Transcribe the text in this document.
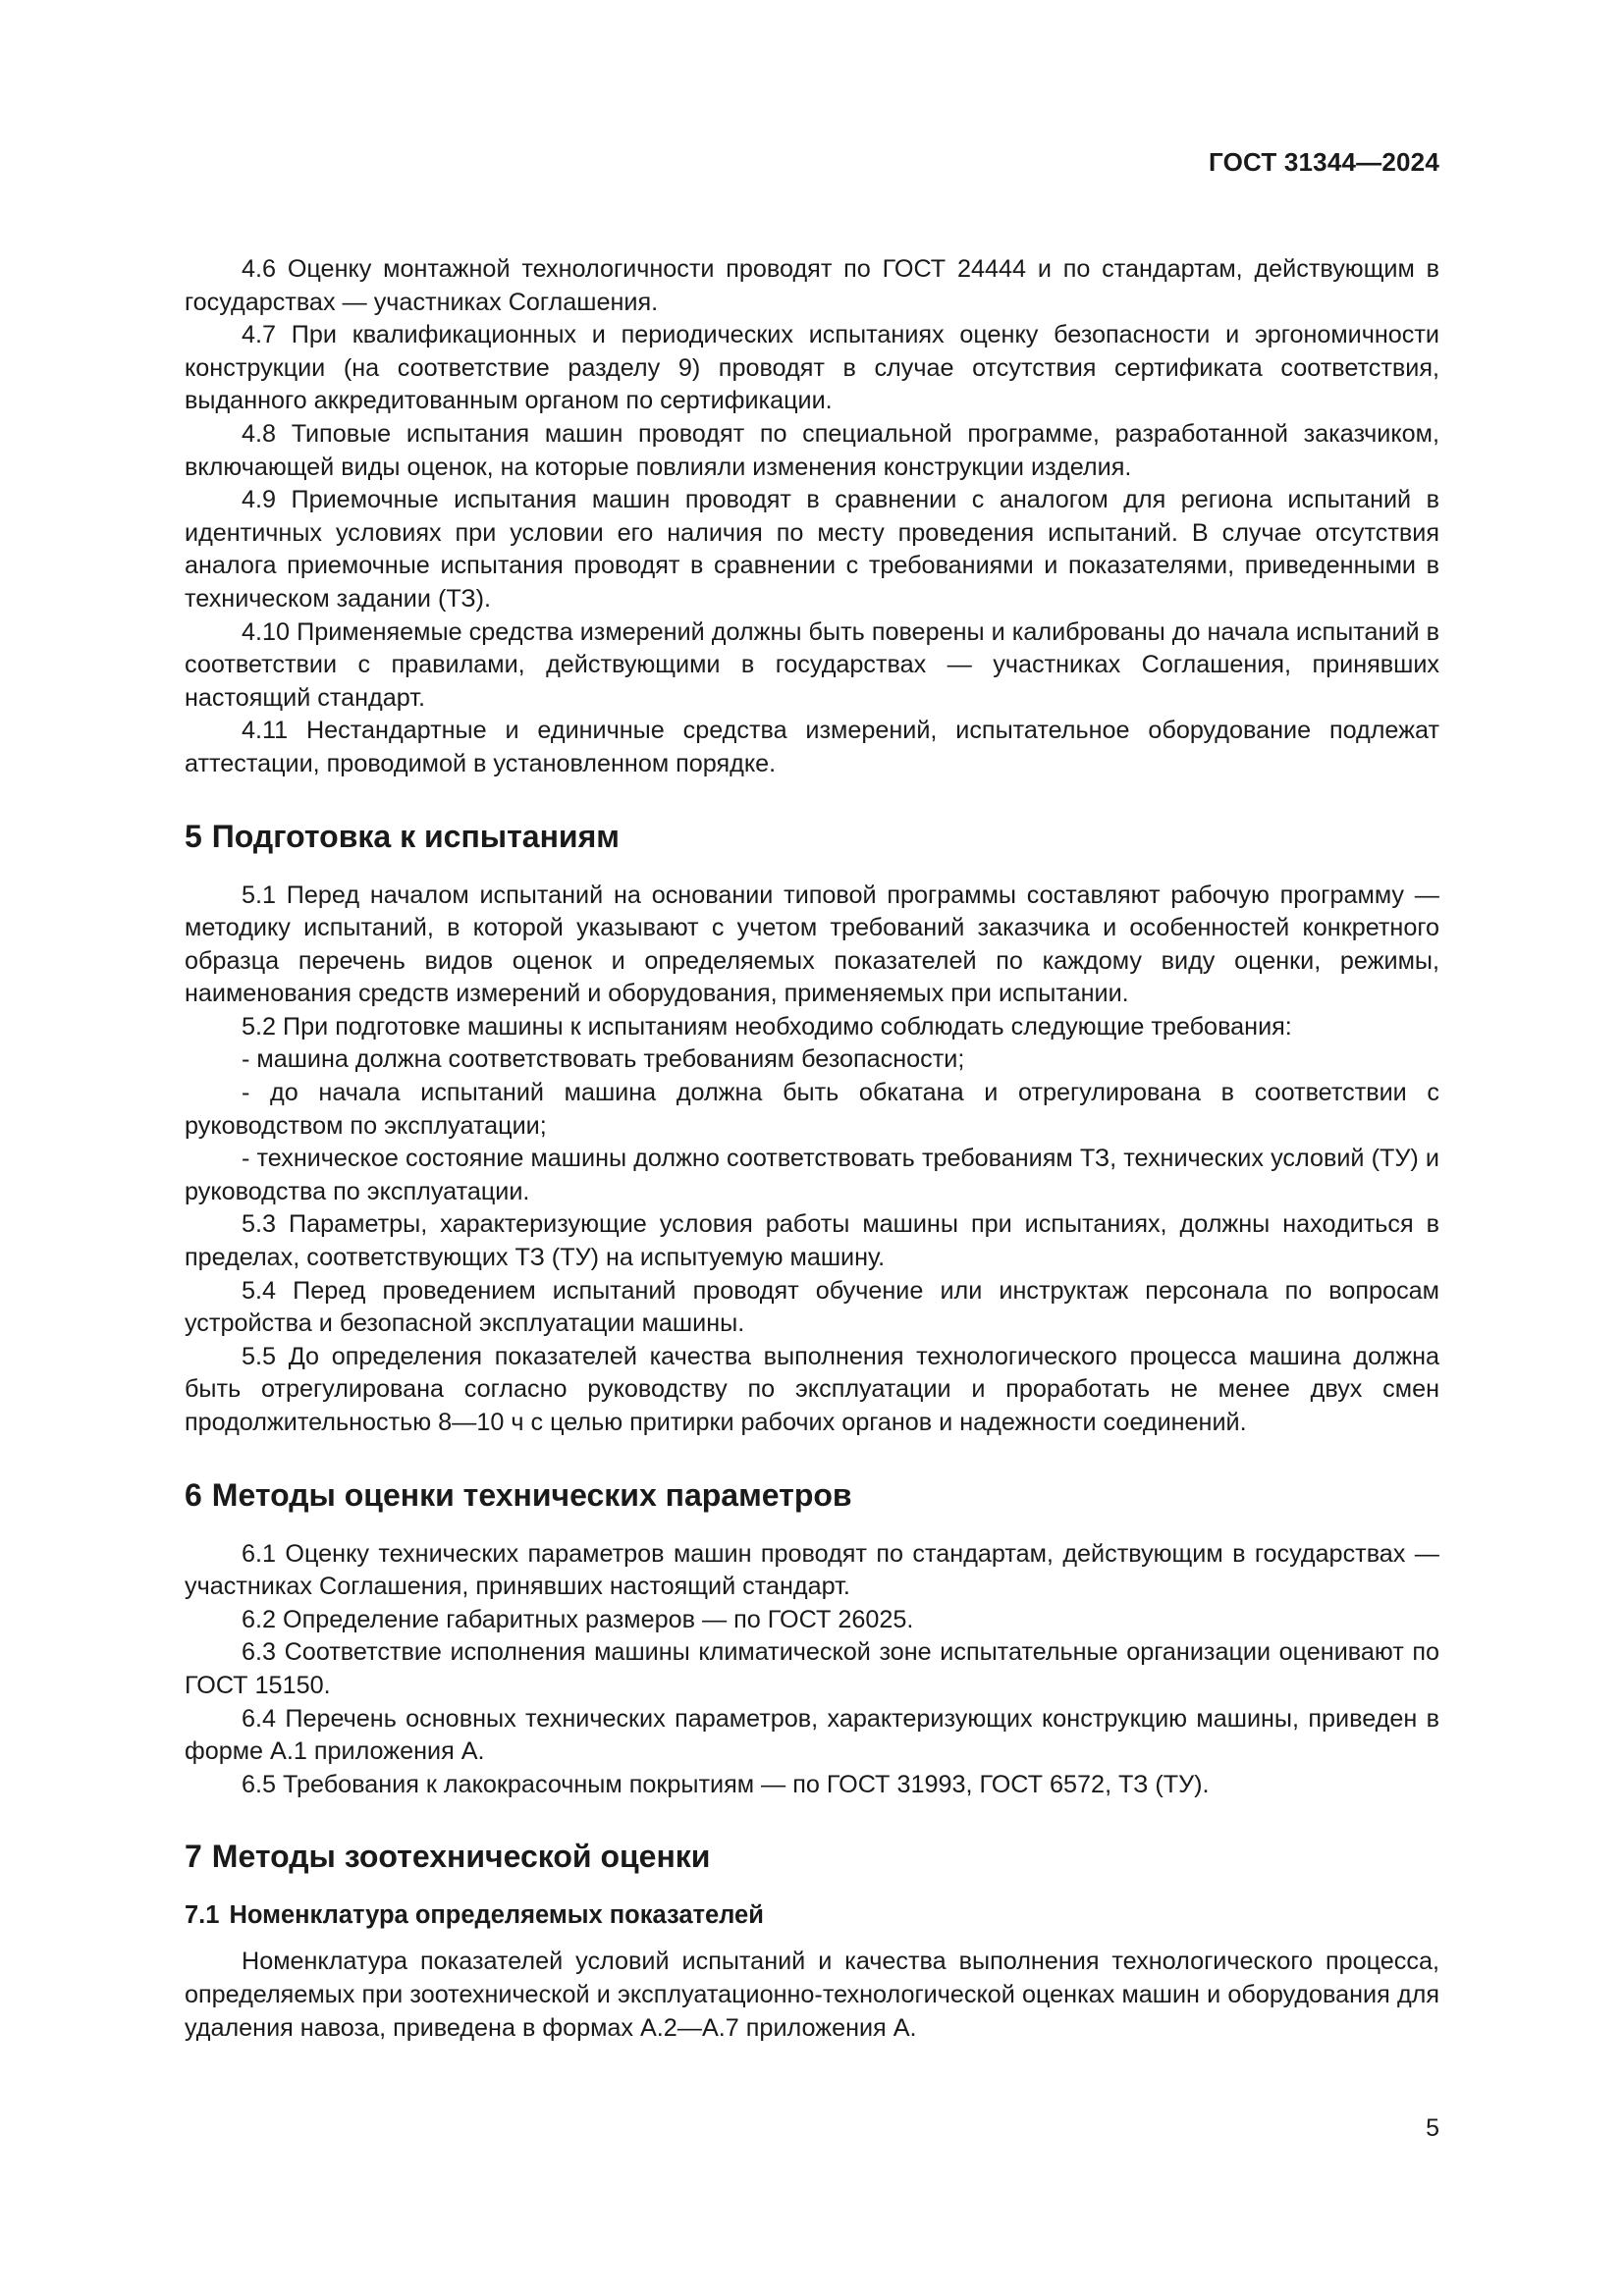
ГОСТ 31344—2024

4.6 Оценку монтажной технологичности проводят по ГОСТ 24444 и по стандартам, действующим в государствах — участниках Соглашения.

4.7 При квалификационных и периодических испытаниях оценку безопасности и эргономичности конструкции (на соответствие разделу 9) проводят в случае отсутствия сертификата соответствия, выданного аккредитованным органом по сертификации.

4.8 Типовые испытания машин проводят по специальной программе, разработанной заказчиком, включающей виды оценок, на которые повлияли изменения конструкции изделия.

4.9 Приемочные испытания машин проводят в сравнении с аналогом для региона испытаний в идентичных условиях при условии его наличия по месту проведения испытаний. В случае отсутствия аналога приемочные испытания проводят в сравнении с требованиями и показателями, приведенными в техническом задании (ТЗ).

4.10 Применяемые средства измерений должны быть поверены и калиброваны до начала испытаний в соответствии с правилами, действующими в государствах — участниках Соглашения, принявших настоящий стандарт.

4.11 Нестандартные и единичные средства измерений, испытательное оборудование подлежат аттестации, проводимой в установленном порядке.

5 Подготовка к испытаниям

5.1 Перед началом испытаний на основании типовой программы составляют рабочую программу — методику испытаний, в которой указывают с учетом требований заказчика и особенностей конкретного образца перечень видов оценок и определяемых показателей по каждому виду оценки, режимы, наименования средств измерений и оборудования, применяемых при испытании.

5.2 При подготовке машины к испытаниям необходимо соблюдать следующие требования:

- машина должна соответствовать требованиям безопасности;

- до начала испытаний машина должна быть обкатана и отрегулирована в соответствии с руководством по эксплуатации;

- техническое состояние машины должно соответствовать требованиям ТЗ, технических условий (ТУ) и руководства по эксплуатации.

5.3 Параметры, характеризующие условия работы машины при испытаниях, должны находиться в пределах, соответствующих ТЗ (ТУ) на испытуемую машину.

5.4 Перед проведением испытаний проводят обучение или инструктаж персонала по вопросам устройства и безопасной эксплуатации машины.

5.5 До определения показателей качества выполнения технологического процесса машина должна быть отрегулирована согласно руководству по эксплуатации и проработать не менее двух смен продолжительностью 8—10 ч с целью притирки рабочих органов и надежности соединений.

6 Методы оценки технических параметров

6.1 Оценку технических параметров машин проводят по стандартам, действующим в государствах — участниках Соглашения, принявших настоящий стандарт.

6.2 Определение габаритных размеров — по ГОСТ 26025.

6.3 Соответствие исполнения машины климатической зоне испытательные организации оценивают по ГОСТ 15150.

6.4 Перечень основных технических параметров, характеризующих конструкцию машины, приведен в форме А.1 приложения А.

6.5 Требования к лакокрасочным покрытиям — по ГОСТ 31993, ГОСТ 6572, ТЗ (ТУ).

7 Методы зоотехнической оценки
7.1 Номенклатура определяемых показателей

Номенклатура показателей условий испытаний и качества выполнения технологического процесса, определяемых при зоотехнической и эксплуатационно-технологической оценках машин и оборудования для удаления навоза, приведена в формах А.2—А.7 приложения А.

5
